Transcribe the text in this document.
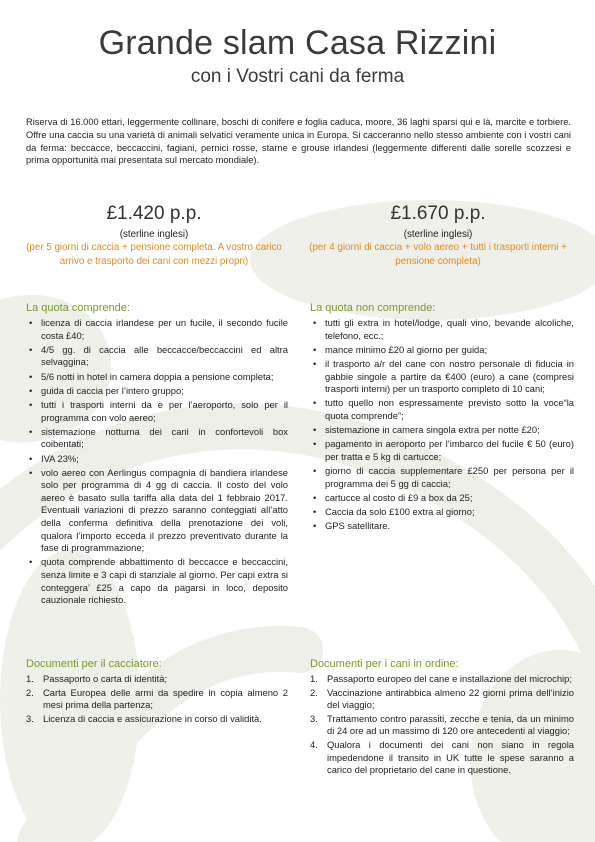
Grande slam Casa Rizzini
con i Vostri cani da ferma
Riserva di 16.000 ettari, leggermente collinare, boschi di conifere e foglia caduca, moore, 36 laghi sparsi qui e là, marcite e torbiere. Offre una caccia su una varietà di animali selvatici veramente unica in Europa. Si cacceranno nello stesso ambiente con i vostri cani da ferma: beccacce, beccaccini, fagiani, pernici rosse, starne e grouse irlandesi (leggermente differenti dalle sorelle scozzesi e prima opportunità mai presentata sul mercato mondiale).
£1.420 p.p.
(sterline inglesi)
(per 5 giorni di caccia + pensione completa. A vostro carico arrivo e trasporto dei cani con mezzi propri)
£1.670 p.p.
(sterline inglesi)
(per 4 giorni di caccia + volo aereo + tutti i trasporti interni + pensione completa)
La quota comprende:
• licenza di caccia irlandese per un fucile, il secondo fucile costa £40;
• 4/5 gg. di caccia alle beccacce/beccaccini ed altra selvaggina;
• 5/6 notti in hotel in camera doppia a pensione completa;
• guida di caccia per l’intero gruppo;
• tutti i trasporti interni da e per l’aeroporto, solo per il programma con volo aereo;
• sistemazione notturna dei cani in confortevoli box coibentati;
• IVA 23%;
• volo aereo con Aerlingus compagnia di bandiera irlandese solo per programma di 4 gg di caccia. Il costo del volo aereo è basato sulla tariffa alla data del 1 febbraio 2017. Eventuali variazioni di prezzo saranno conteggiati all’atto della conferma definitiva della prenotazione dei voli, qualora l’importo ecceda il prezzo preventivato durante la fase di programmazione;
• quota comprende abbattimento di beccacce e beccaccini, senza limite e 3 capi di stanziale al giorno. Per capi extra si conteggera’ £25 a capo da pagarsi in loco, deposito cauzionale richiesto.
La quota non comprende:
• tutti gli extra in hotel/lodge, quali vino, bevande alcoliche, telefono, ecc.;
• mance minimo £20 al giorno per guida;
• il trasporto a/r del cane con nostro personale di fiducia in gabbie singole a partire da €400 (euro) a cane (compresi trasporti interni) per un trasporto completo di 10 cani;
• tutto quello non espressamente previsto sotto la voce“la quota comprende”;
• sistemazione in camera singola extra per notte £20;
• pagamento in aeroporto per l’imbarco del fucile € 50 (euro) per tratta e 5 kg di cartucce;
• giorno di caccia supplementare £250 per persona per il programma dei 5 gg di caccia;
• cartucce al costo di £9 a box da 25;
• Caccia da solo £100 extra al giorno;
• GPS satellitare.
Documenti per il cacciatore:
1. Passaporto o carta di identità;
2. Carta Europea delle armi da spedire in copia almeno 2 mesi prima della partenza;
3. Licenza di caccia e assicurazione in corso di validità.
Documenti per i cani in ordine:
1. Passaporto europeo del cane e installazione del microchip;
2. Vaccinazione antirabbica almeno 22 giorni prima dell’inizio del viaggio;
3. Trattamento contro parassiti, zecche e tenia, da un minimo di 24 ore ad un massimo di 120 ore antecedenti al viaggio;
4. Qualora i documenti dei cani non siano in regola impedendone il transito in UK tutte le spese saranno a carico del proprietario del cane in questione.
